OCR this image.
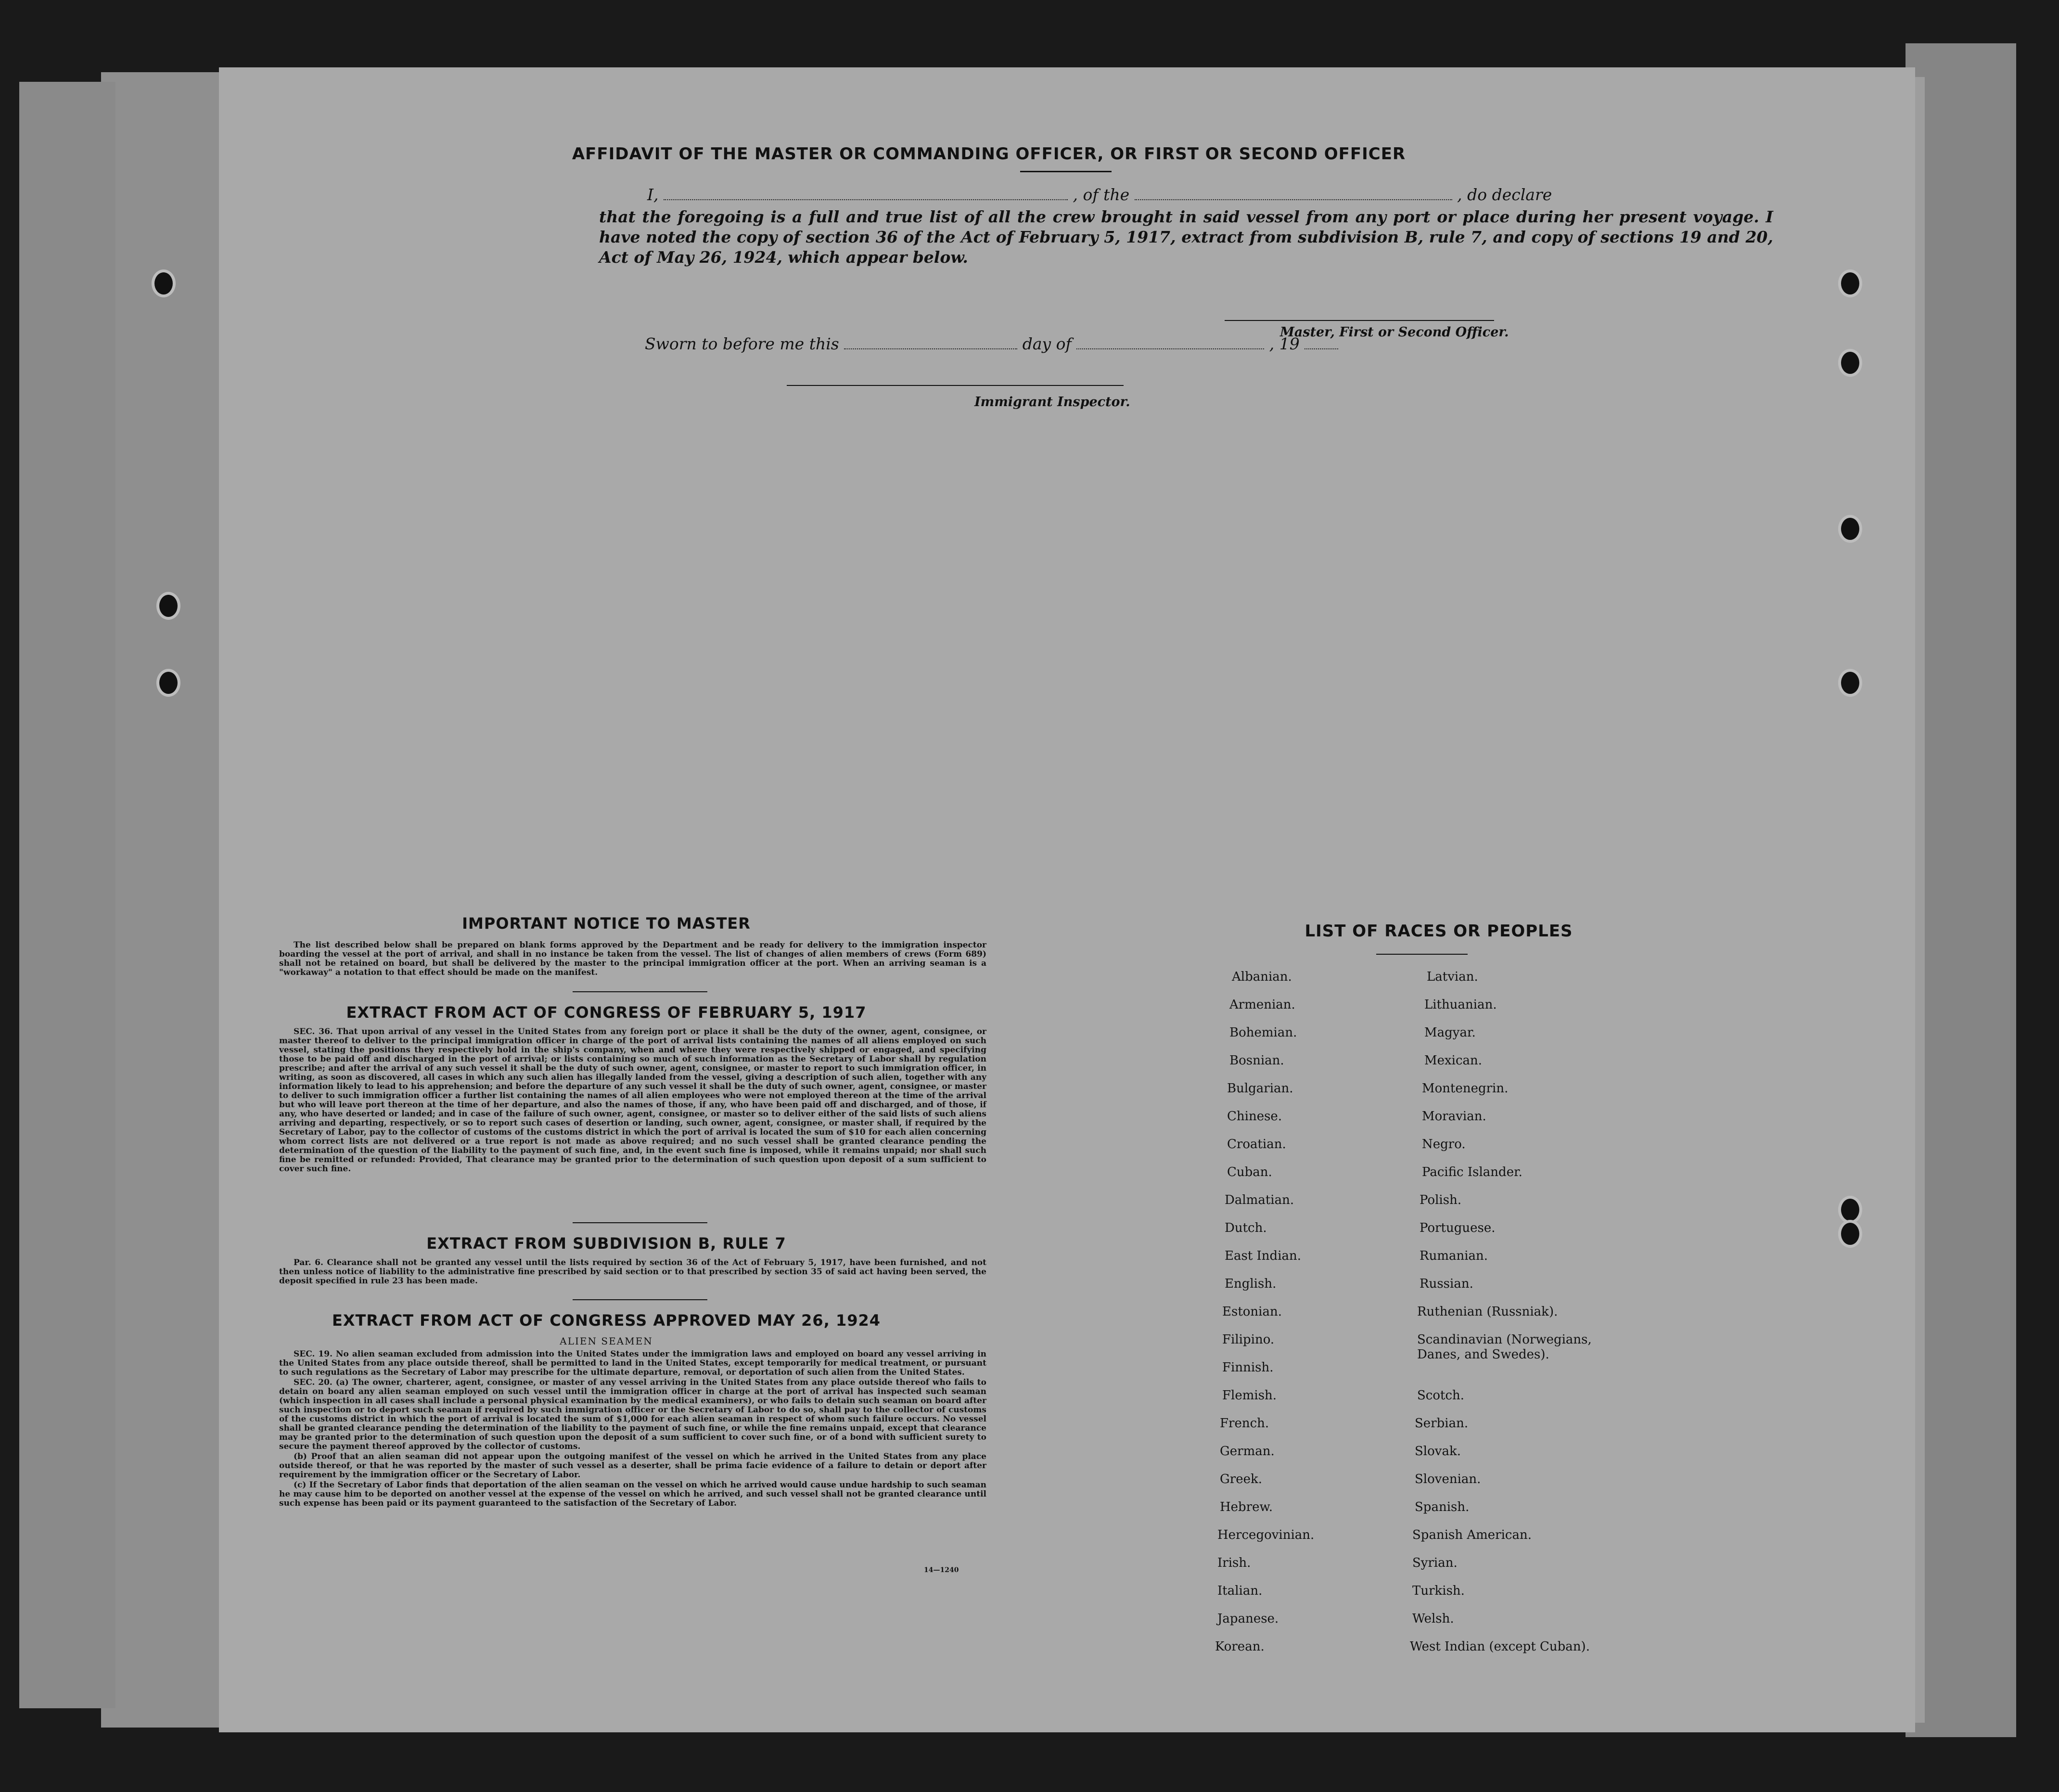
AFFIDAVIT OF THE MASTER OR COMMANDING OFFICER, OR FIRST OR SECOND OFFICER
I,	, of the	, do declare
that the foregoing is a full and true list of all the crew brought in said vessel from any port or place during her present voyage. I have noted the copy of section 36 of the Act of February 5, 1917, extract from subdivision B, rule 7, and copy of sections 19 and 20, Act of May 26, 1924, which appear below.
Master, First or Second Officer.
Sworn to before me this	day of	, 19
Immigrant Inspector.
IMPORTANT NOTICE TO MASTER

The list described below shall be prepared on blank forms approved by the Department and be ready for delivery to the immigration inspector boarding the vessel at the port of arrival, and shall in no instance be taken from the vessel. The list of changes of alien members of crews (Form 689) shall not be retained on board, but shall be delivered by the master to the principal immigration officer at the port. When an arriving seaman is a "workaway" a notation to that effect should be made on the manifest.

EXTRACT FROM ACT OF CONGRESS OF FEBRUARY 5, 1917

SEC. 36. That upon arrival of any vessel in the United States from any foreign port or place it shall be the duty of the owner, agent, consignee, or master thereof to deliver to the principal immigration officer in charge of the port of arrival lists containing the names of all aliens employed on such vessel, stating the positions they respectively hold in the ship's company, when and where they were respectively shipped or engaged, and specifying those to be paid off and discharged in the port of arrival; or lists containing so much of such information as the Secretary of Labor shall by regulation prescribe; and after the arrival of any such vessel it shall be the duty of such owner, agent, consignee, or master to report to such immigration officer, in writing, as soon as discovered, all cases in which any such alien has illegally landed from the vessel, giving a description of such alien, together with any information likely to lead to his apprehension; and before the departure of any such vessel it shall be the duty of such owner, agent, consignee, or master to deliver to such immigration officer a further list containing the names of all alien employees who were not employed thereon at the time of the arrival but who will leave port thereon at the time of her departure, and also the names of those, if any, who have been paid off and discharged, and of those, if any, who have deserted or landed; and in case of the failure of such owner, agent, consignee, or master so to deliver either of the said lists of such aliens arriving and departing, respectively, or so to report such cases of desertion or landing, such owner, agent, consignee, or master shall, if required by the Secretary of Labor, pay to the collector of customs of the customs district in which the port of arrival is located the sum of $10 for each alien concerning whom correct lists are not delivered or a true report is not made as above required; and no such vessel shall be granted clearance pending the determination of the question of the liability to the payment of such fine, and, in the event such fine is imposed, while it remains unpaid; nor shall such fine be remitted or refunded: Provided, That clearance may be granted prior to the determination of such question upon deposit of a sum sufficient to cover such fine.

EXTRACT FROM SUBDIVISION B, RULE 7

Par. 6. Clearance shall not be granted any vessel until the lists required by section 36 of the Act of February 5, 1917, have been furnished, and not then unless notice of liability to the administrative fine prescribed by said section or to that prescribed by section 35 of said act having been served, the deposit specified in rule 23 has been made.

EXTRACT FROM ACT OF CONGRESS APPROVED MAY 26, 1924
ALIEN SEAMEN

SEC. 19. No alien seaman excluded from admission into the United States under the immigration laws and employed on board any vessel arriving in the United States from any place outside thereof, shall be permitted to land in the United States, except temporarily for medical treatment, or pursuant to such regulations as the Secretary of Labor may prescribe for the ultimate departure, removal, or deportation of such alien from the United States.

SEC. 20. (a) The owner, charterer, agent, consignee, or master of any vessel arriving in the United States from any place outside thereof who fails to detain on board any alien seaman employed on such vessel until the immigration officer in charge at the port of arrival has inspected such seaman (which inspection in all cases shall include a personal physical examination by the medical examiners), or who fails to detain such seaman on board after such inspection or to deport such seaman if required by such immigration officer or the Secretary of Labor to do so, shall pay to the collector of customs of the customs district in which the port of arrival is located the sum of $1,000 for each alien seaman in respect of whom such failure occurs. No vessel shall be granted clearance pending the determination of the liability to the payment of such fine, or while the fine remains unpaid, except that clearance may be granted prior to the determination of such question upon the deposit of a sum sufficient to cover such fine, or of a bond with sufficient surety to secure the payment thereof approved by the collector of customs.

(b) Proof that an alien seaman did not appear upon the outgoing manifest of the vessel on which he arrived in the United States from any place outside thereof, or that he was reported by the master of such vessel as a deserter, shall be prima facie evidence of a failure to detain or deport after requirement by the immigration officer or the Secretary of Labor.

(c) If the Secretary of Labor finds that deportation of the alien seaman on the vessel on which he arrived would cause undue hardship to such seaman he may cause him to be deported on another vessel at the expense of the vessel on which he arrived, and such vessel shall not be granted clearance until such expense has been paid or its payment guaranteed to the satisfaction of the Secretary of Labor.

14—1240
LIST OF RACES OR PEOPLES
Albanian.
Armenian.
Bohemian.
Bosnian.
Bulgarian.
Chinese.
Croatian.
Cuban.
Dalmatian.
Dutch.
East Indian.
English.
Estonian.
Filipino.
Finnish.
Flemish.
French.
German.
Greek.
Hebrew.
Hercegovinian.
Irish.
Italian.
Japanese.
Korean.
Latvian.
Lithuanian.
Magyar.
Mexican.
Montenegrin.
Moravian.
Negro.
Pacific Islander.
Polish.
Portuguese.
Rumanian.
Russian.
Ruthenian (Russniak).
Scandinavian (Norwegians, Danes, and Swedes).
Scotch.
Serbian.
Slovak.
Slovenian.
Spanish.
Spanish American.
Syrian.
Turkish.
Welsh.
West Indian (except Cuban).
